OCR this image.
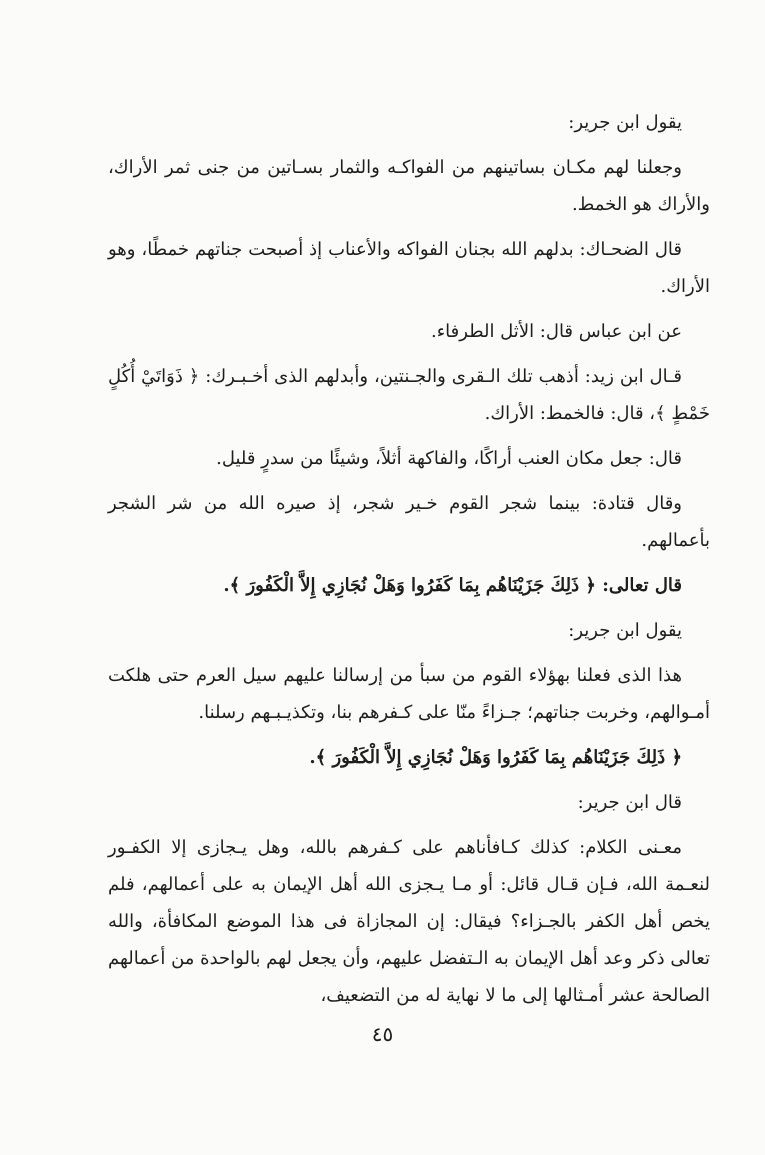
يقول ابن جرير:

وجعلنا لهم مكـان بساتينهم من الفواكـه والثمار بسـاتين من جنى ثمر الأراك، والأراك هو الخمط.

قال الضحـاك: بدلهم الله بجنان الفواكه والأعناب إذ أصبحت جناتهم خمطًا، وهو الأراك.

عن ابن عباس قال: الأثل الطرفاء.

قـال ابن زيد: أذهب تلك الـقرى والجـنتين، وأبدلهم الذى أخـبـرك: ﴿ ذَوَاتَيْ أُكُلٍ خَمْطٍ ﴾، قال: فالخمط: الأراك.

قال: جعل مكان العنب أراكًا، والفاكهة أثلاً، وشيئًا من سدرٍ قليل.

وقال قتادة: بينما شجر القوم خـير شجر، إذ صيره الله من شر الشجر بأعمالهم.

قال تعالى: ﴿ ذَلِكَ جَزَيْنَاهُم بِمَا كَفَرُوا وَهَلْ نُجَازِي إِلاَّ الْكَفُورَ ﴾.

يقول ابن جرير:

هذا الذى فعلنا بهؤلاء القوم من سبأ من إرسالنا عليهم سيل العرم حتى هلكت أمـوالهم، وخربت جناتهم؛ جـزاءً منّا على كـفرهم بنا، وتكذيـبـهم رسلنا.

﴿ ذَلِكَ جَزَيْنَاهُم بِمَا كَفَرُوا وَهَلْ نُجَازِي إِلاَّ الْكَفُورَ ﴾.

قال ابن جرير:

معـنى الكلام: كذلك كـافأناهم على كـفرهم بالله، وهل يـجازى إلا الكفـور لنعـمة الله، فـإن قـال قائل: أو مـا يـجزى الله أهل الإيمان به على أعمالهم، فلم يخص أهل الكفر بالجـزاء؟ فيقال: إن المجازاة فى هذا الموضع المكافأة، والله تعالى ذكر وعد أهل الإيمان به الـتفضل عليهم، وأن يجعل لهم بالواحدة من أعمالهم الصالحة عشر أمـثالها إلى ما لا نهاية له من التضعيف،

٤٥
